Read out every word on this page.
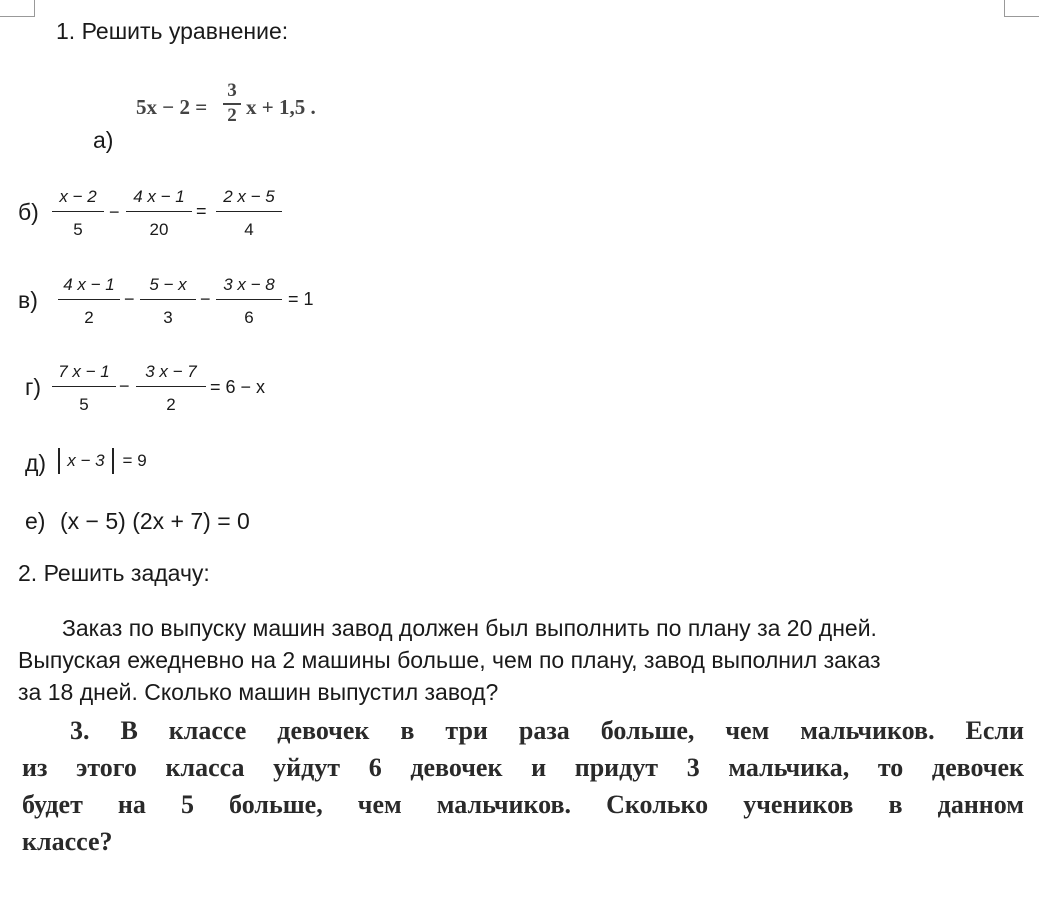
1. Решить уравнение:
а)
5x − 2 =
3
2 x + 1,5 .
б)
x − 2
5
−
4 x − 1
20
=
2 x − 5
4
в)
4 x − 1
2
−
5 − x
3
−
3 x − 8
6
= 1
г)
7 x − 1
5
−
3 x − 7
2
= 6 − x
д)	x − 3 = 9
е) (х − 5) (2х + 7) = 0
2. Решить задачу:
Заказ по выпуску машин завод должен был выполнить по плану за 20 дней.
Выпуская ежедневно на 2 машины больше, чем по плану, завод выполнил заказ
за 18 дней. Сколько машин выпустил завод?
3. В классе девочек в три раза больше, чем мальчиков. Если
из этого класса уйдут 6 девочек и придут 3 мальчика, то девочек
будет на 5 больше, чем мальчиков. Сколько учеников в данном
классе?
